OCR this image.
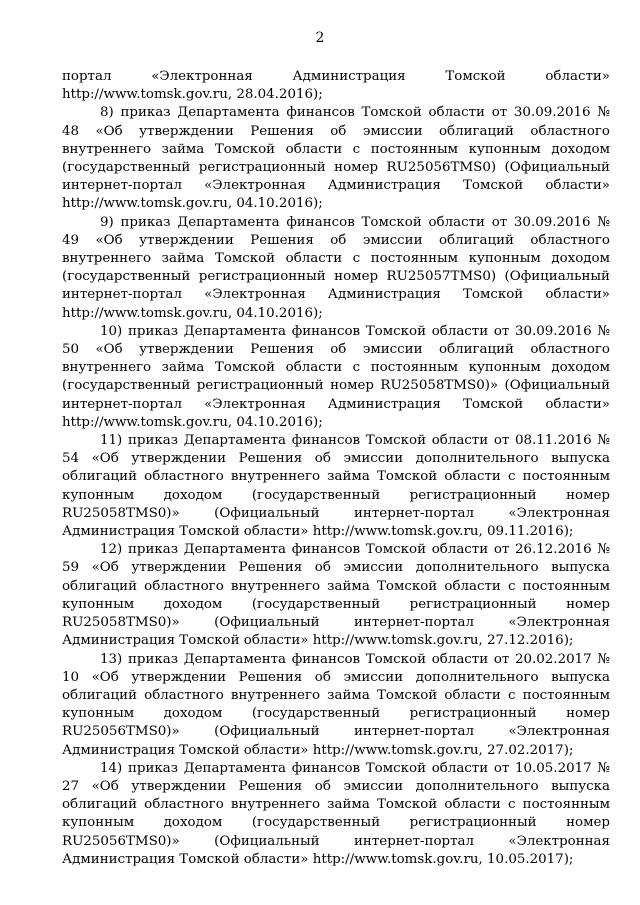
2

портал «Электронная Администрация Томской области» http://www.tomsk.gov.ru, 28.04.2016);

8) приказ Департамента финансов Томской области от 30.09.2016 № 48 «Об утверждении Решения об эмиссии облигаций областного внутреннего займа Томской области с постоянным купонным доходом (государственный регистрационный номер RU25056TMS0) (Официальный интернет-портал «Электронная Администрация Томской области» http://www.tomsk.gov.ru, 04.10.2016);

9) приказ Департамента финансов Томской области от 30.09.2016 № 49 «Об утверждении Решения об эмиссии облигаций областного внутреннего займа Томской области с постоянным купонным доходом (государственный регистрационный номер RU25057TMS0) (Официальный интернет-портал «Электронная Администрация Томской области» http://www.tomsk.gov.ru, 04.10.2016);

10) приказ Департамента финансов Томской области от 30.09.2016 № 50 «Об утверждении Решения об эмиссии облигаций областного внутреннего займа Томской области с постоянным купонным доходом (государственный регистрационный номер RU25058TMS0)» (Официальный интернет-портал «Электронная Администрация Томской области» http://www.tomsk.gov.ru, 04.10.2016);

11) приказ Департамента финансов Томской области от 08.11.2016 № 54 «Об утверждении Решения об эмиссии дополнительного выпуска облигаций областного внутреннего займа Томской области с постоянным купонным доходом (государственный регистрационный номер RU25058TMS0)» (Официальный интернет-портал «Электронная Администрация Томской области» http://www.tomsk.gov.ru, 09.11.2016);

12) приказ Департамента финансов Томской области от 26.12.2016 № 59 «Об утверждении Решения об эмиссии дополнительного выпуска облигаций областного внутреннего займа Томской области с постоянным купонным доходом (государственный регистрационный номер RU25058TMS0)» (Официальный интернет-портал «Электронная Администрация Томской области» http://www.tomsk.gov.ru, 27.12.2016);

13) приказ Департамента финансов Томской области от 20.02.2017 № 10 «Об утверждении Решения об эмиссии дополнительного выпуска облигаций областного внутреннего займа Томской области с постоянным купонным доходом (государственный регистрационный номер RU25056TMS0)» (Официальный интернет-портал «Электронная Администрация Томской области» http://www.tomsk.gov.ru, 27.02.2017);

14) приказ Департамента финансов Томской области от 10.05.2017 № 27 «Об утверждении Решения об эмиссии дополнительного выпуска облигаций областного внутреннего займа Томской области с постоянным купонным доходом (государственный регистрационный номер RU25056TMS0)» (Официальный интернет-портал «Электронная Администрация Томской области» http://www.tomsk.gov.ru, 10.05.2017);
